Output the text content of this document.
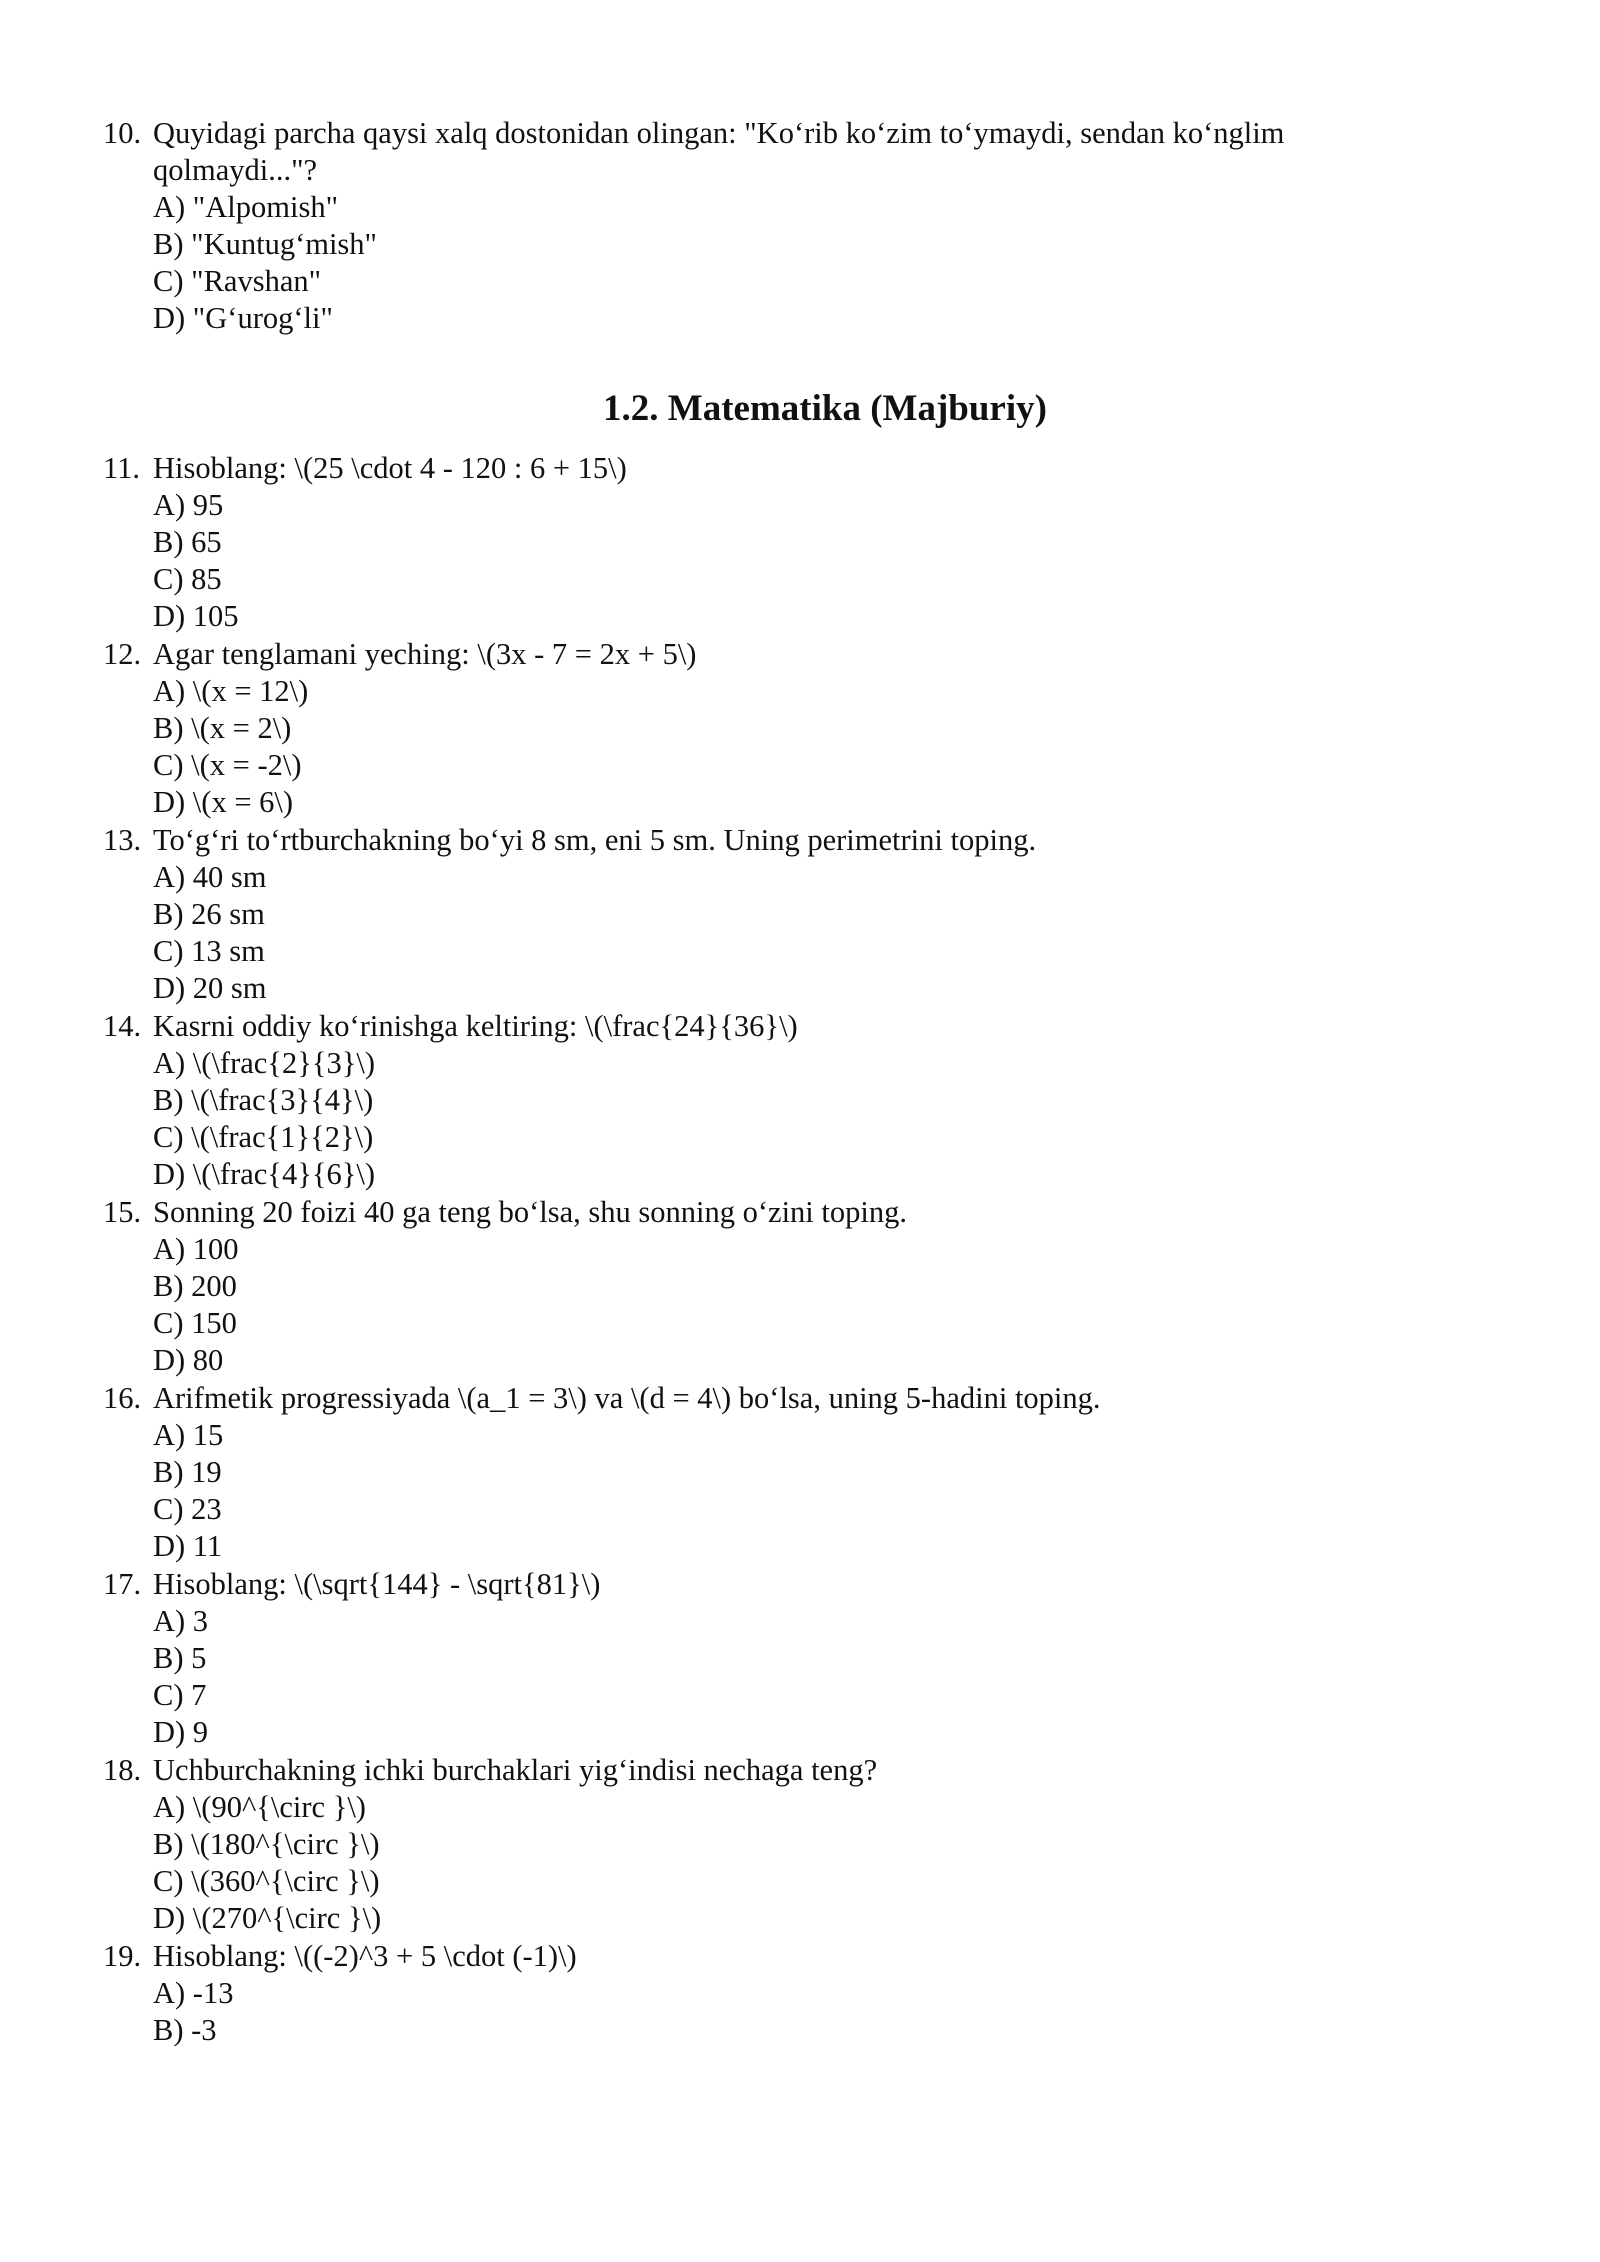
10. Quyidagi parcha qaysi xalq dostonidan olingan: "Ko‘rib ko‘zim to‘ymaydi, sendan ko‘nglim
qolmaydi..."?
A) "Alpomish"
B) "Kuntug‘mish"
C) "Ravshan"
D) "G‘urog‘li"
1.2. Matematika (Majburiy)
11. Hisoblang: \(25 \cdot 4 - 120 : 6 + 15\)
A) 95
B) 65
C) 85
D) 105
12. Agar tenglamani yeching: \(3x - 7 = 2x + 5\)
A) \(x = 12\)
B) \(x = 2\)
C) \(x = -2\)
D) \(x = 6\)
13. To‘g‘ri to‘rtburchakning bo‘yi 8 sm, eni 5 sm. Uning perimetrini toping.
A) 40 sm
B) 26 sm
C) 13 sm
D) 20 sm
14. Kasrni oddiy ko‘rinishga keltiring: \(\frac{24}{36}\)
A) \(\frac{2}{3}\)
B) \(\frac{3}{4}\)
C) \(\frac{1}{2}\)
D) \(\frac{4}{6}\)
15. Sonning 20 foizi 40 ga teng bo‘lsa, shu sonning o‘zini toping.
A) 100
B) 200
C) 150
D) 80
16. Arifmetik progressiyada \(a_1 = 3\) va \(d = 4\) bo‘lsa, uning 5-hadini toping.
A) 15
B) 19
C) 23
D) 11
17. Hisoblang: \(\sqrt{144} - \sqrt{81}\)
A) 3
B) 5
C) 7
D) 9
18. Uchburchakning ichki burchaklari yig‘indisi nechaga teng?
A) \(90^{\circ }\)
B) \(180^{\circ }\)
C) \(360^{\circ }\)
D) \(270^{\circ }\)
19. Hisoblang: \((-2)^3 + 5 \cdot (-1)\)
A) -13
B) -3
